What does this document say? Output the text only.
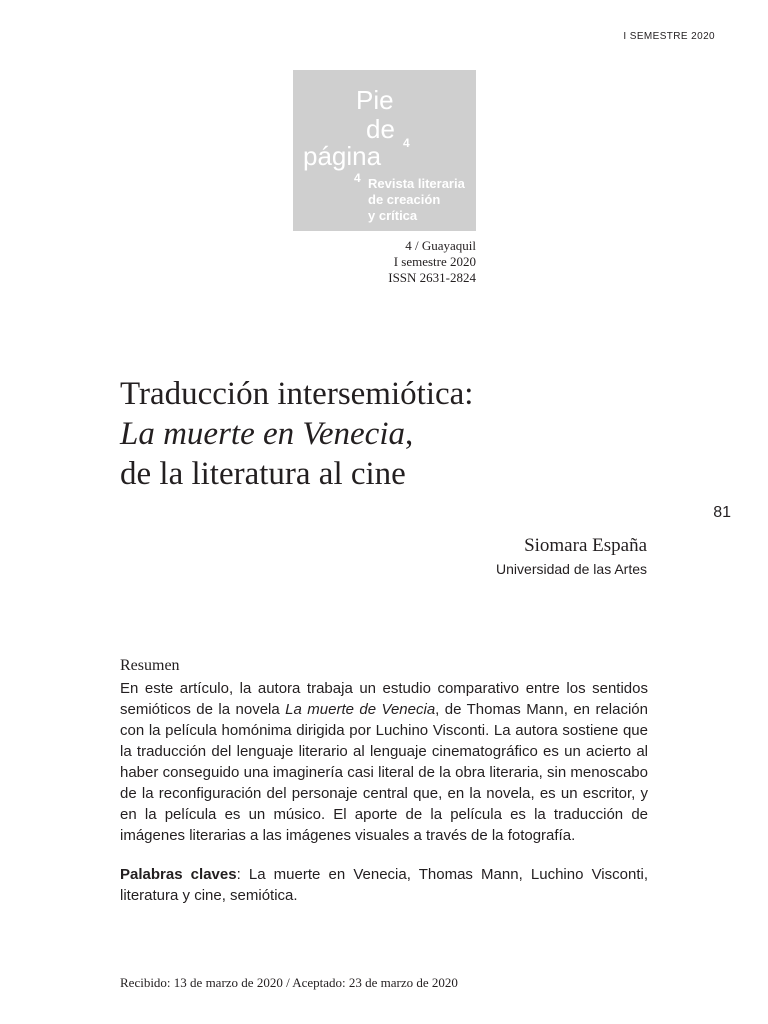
I SEMESTRE 2020
Pie
de
página 4
4 Revista literaria
de creación
y crítica
4 / Guayaquil
I semestre 2020
ISSN 2631-2824
Traducción intersemiótica:
La muerte en Venecia,
de la literatura al cine
81
Siomara España
Universidad de las Artes
Resumen
En este artículo, la autora trabaja un estudio comparativo entre los sentidos semióticos de la novela La muerte de Venecia, de Thomas Mann, en relación con la película homónima dirigida por Luchino Visconti. La autora sostiene que la traducción del lenguaje literario al lenguaje cinematográfico es un acierto al haber conseguido una imaginería casi literal de la obra literaria, sin menoscabo de la reconfiguración del personaje central que, en la novela, es un escritor, y en la película es un músico. El aporte de la película es la traducción de imágenes literarias a las imágenes visuales a través de la fotografía.
Palabras claves: La muerte en Venecia, Thomas Mann, Luchino Visconti, literatura y cine, semiótica.
Recibido: 13 de marzo de 2020 / Aceptado: 23 de marzo de 2020
